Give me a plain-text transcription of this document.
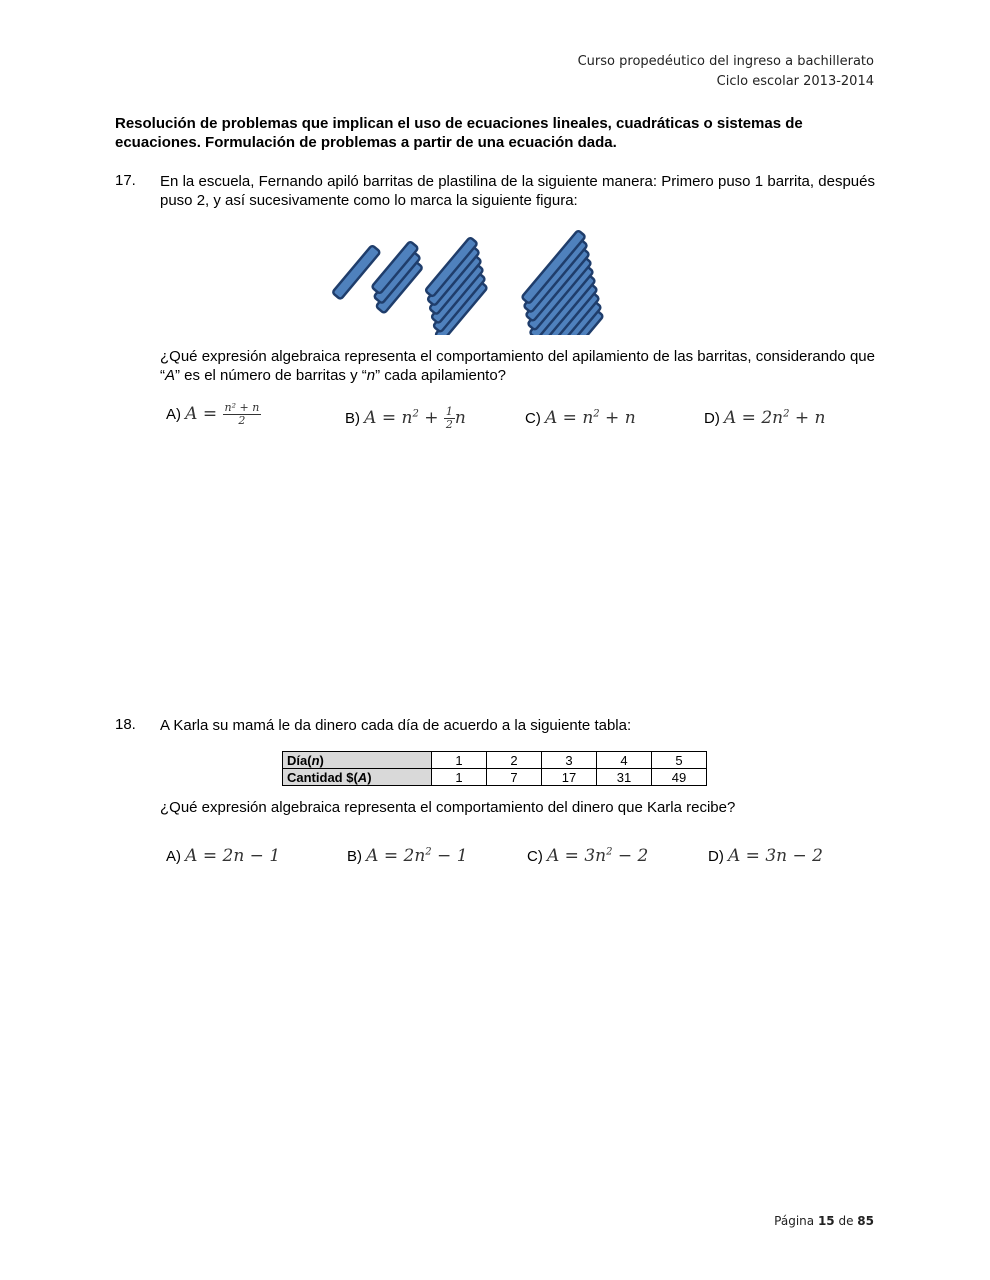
Curso propedéutico del ingreso a bachillerato
Ciclo escolar 2013-2014
Resolución de problemas que implican el uso de ecuaciones lineales, cuadráticas o sistemas de ecuaciones. Formulación de problemas a partir de una ecuación dada.
17. En la escuela, Fernando apiló barritas de plastilina de la siguiente manera: Primero puso 1 barrita, después puso 2, y así sucesivamente como lo marca la siguiente figura:
¿Qué expresión algebraica representa el comportamiento del apilamiento de las barritas, considerando que “A” es el número de barritas y “n” cada apilamiento?
A) $A = \frac{\text{n² + n}}{2}$	B) $A = n^2 + \frac{1}{2}$ n	C) $A = n^2 + n$	D) $A = 2n^2 + n$
18. A Karla su mamá le da dinero cada día de acuerdo a la siguiente tabla:
Día(n)	1	2	3	4	5
Cantidad $(A)	1	7	17	31	49
¿Qué expresión algebraica representa el comportamiento del dinero que Karla recibe?
A) A = 2n − 1	B) $A = 2n^2 - 1$	C) $A = 3n^2 - 2$	D) A = 3n − 2
Página 15 de 85
